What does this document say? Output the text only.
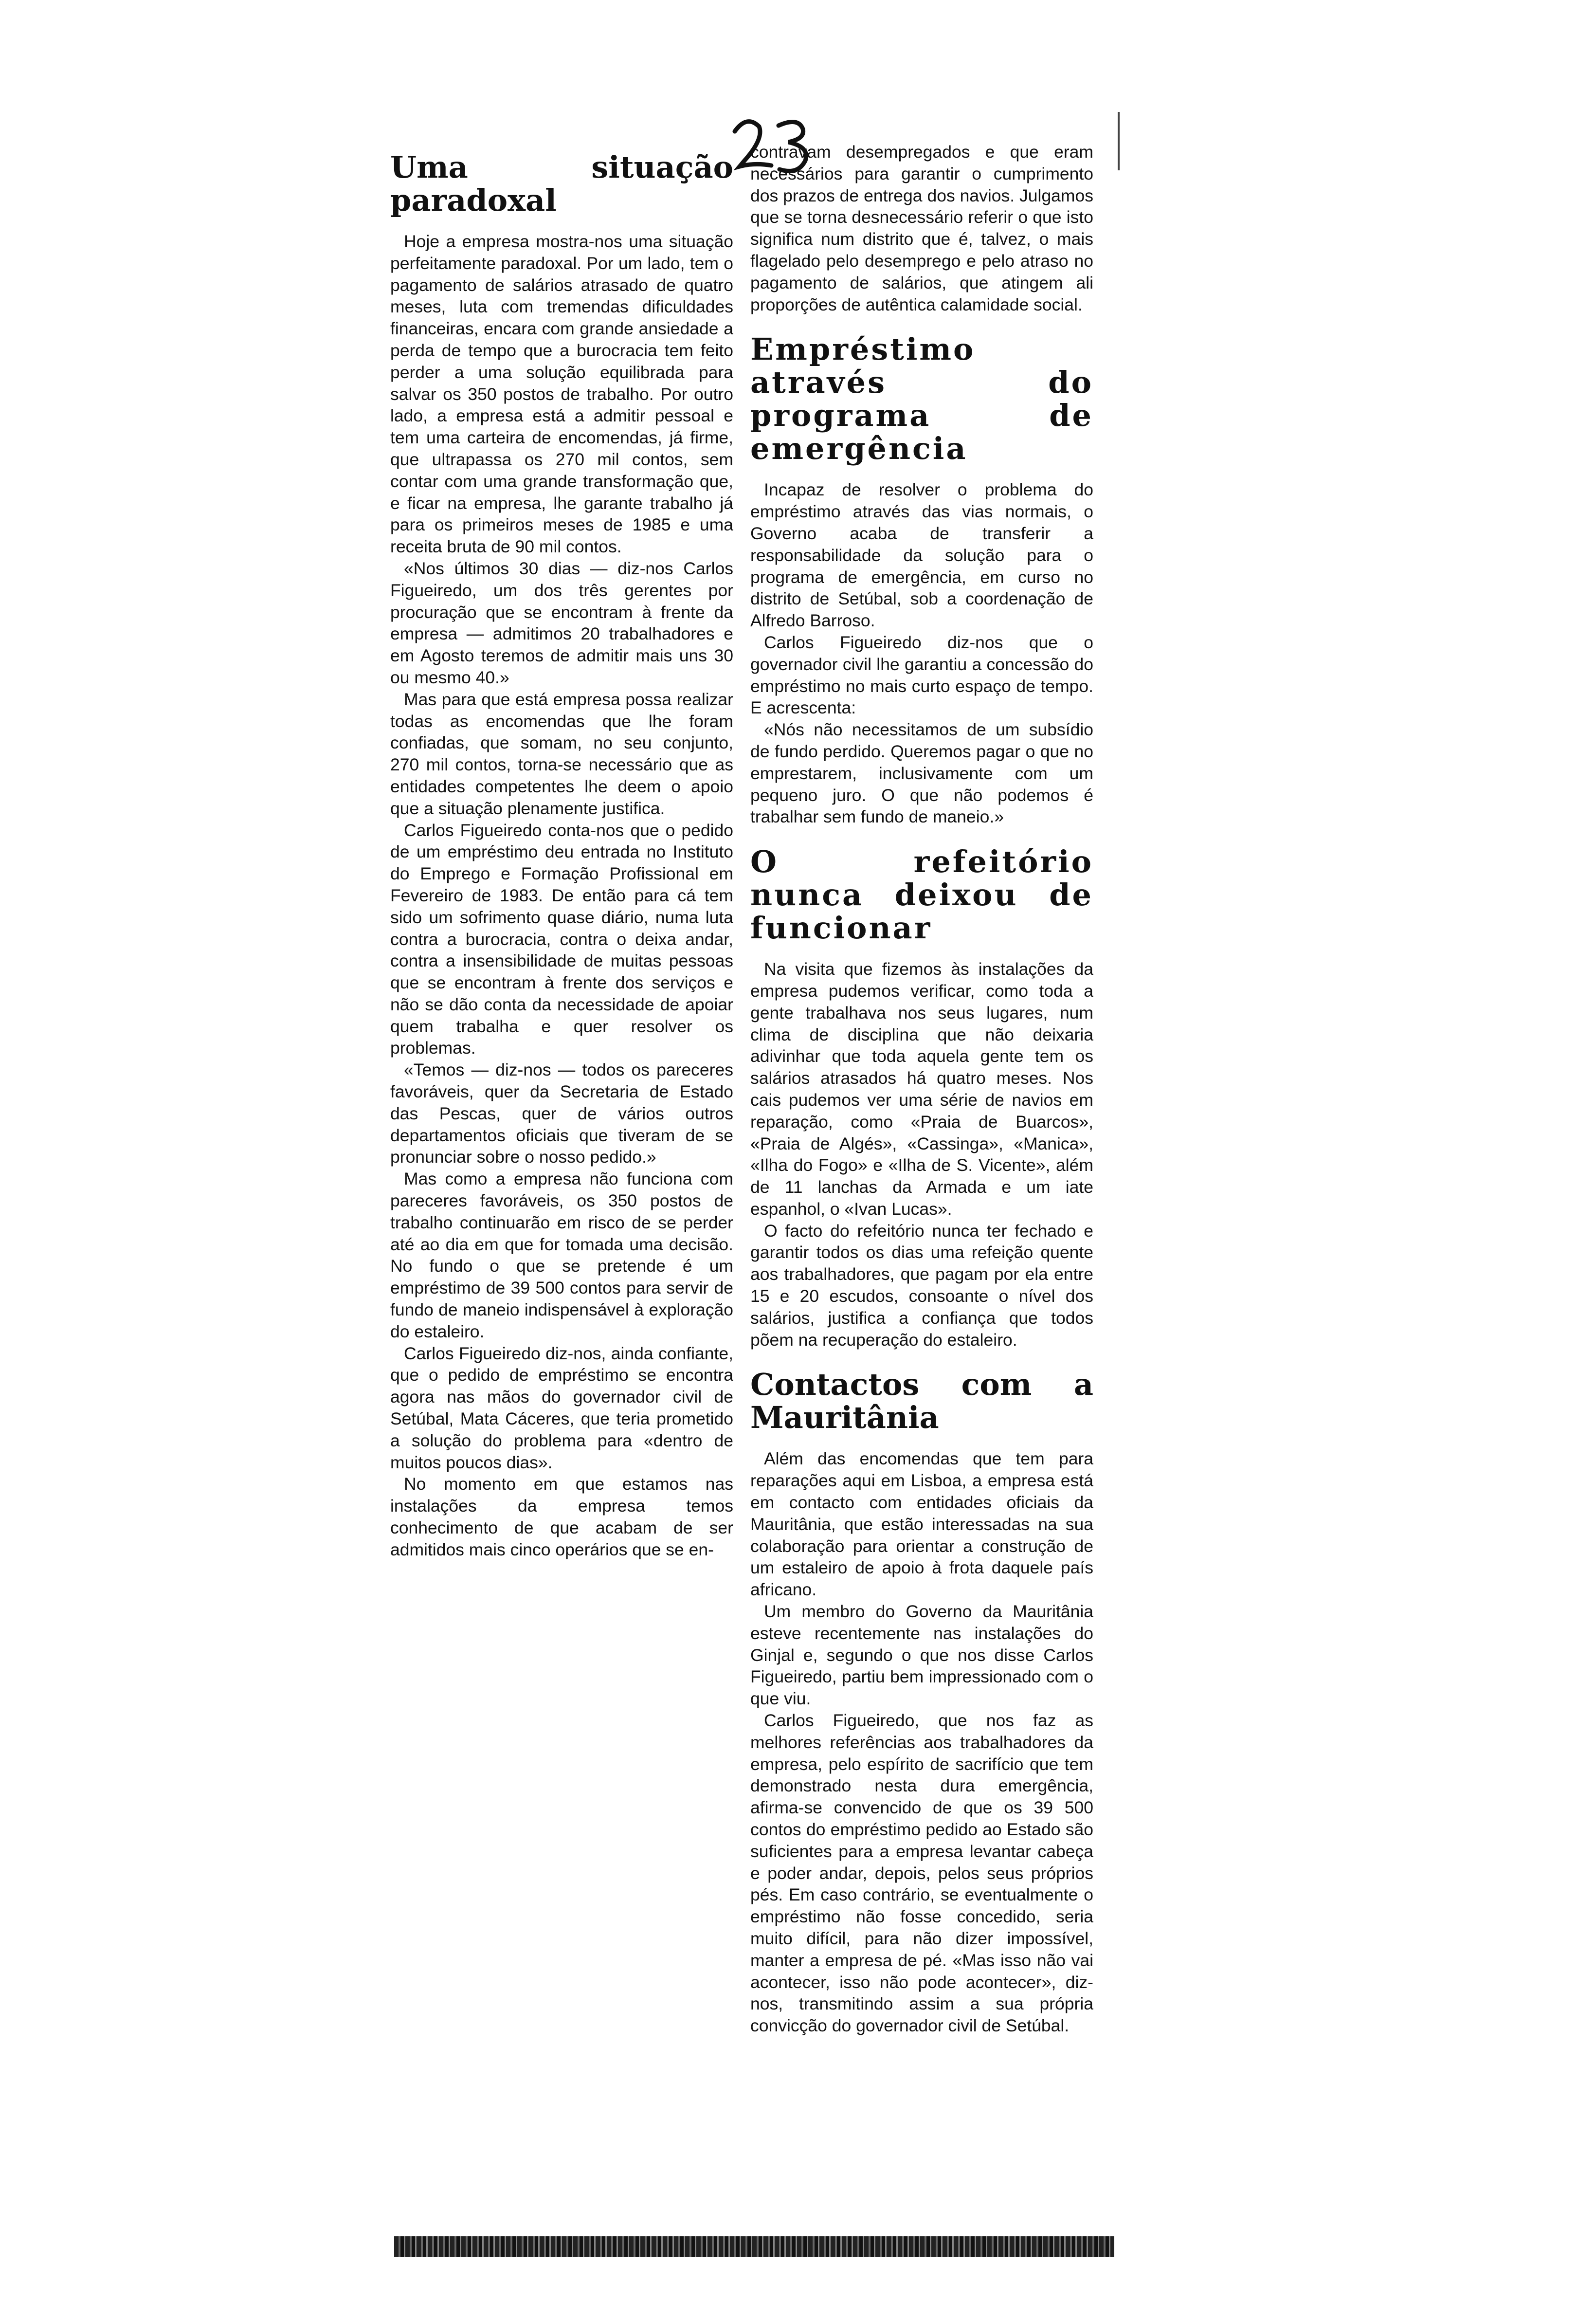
Uma situação paradoxal

Hoje a empresa mostra-nos uma situação perfeitamente paradoxal. Por um lado, tem o pagamento de salários atrasado de quatro meses, luta com tremendas dificuldades financeiras, encara com grande ansiedade a perda de tempo que a burocracia tem feito perder a uma solução equilibrada para salvar os 350 postos de trabalho. Por outro lado, a empresa está a admitir pessoal e tem uma carteira de encomendas, já firme, que ultrapassa os 270 mil contos, sem contar com uma grande transformação que, e ficar na empresa, lhe garante trabalho já para os primeiros meses de 1985 e uma receita bruta de 90 mil contos.

«Nos últimos 30 dias — diz-nos Carlos Figueiredo, um dos três gerentes por procuração que se encontram à frente da empresa — admitimos 20 trabalhadores e em Agosto teremos de admitir mais uns 30 ou mesmo 40.»

Mas para que está empresa possa realizar todas as encomendas que lhe foram confiadas, que somam, no seu conjunto, 270 mil contos, torna-se necessário que as entidades competentes lhe deem o apoio que a situação plenamente justifica.

Carlos Figueiredo conta-nos que o pedido de um empréstimo deu entrada no Instituto do Emprego e Formação Profissional em Fevereiro de 1983. De então para cá tem sido um sofrimento quase diário, numa luta contra a burocracia, contra o deixa andar, contra a insensibilidade de muitas pessoas que se encontram à frente dos serviços e não se dão conta da necessidade de apoiar quem trabalha e quer resolver os problemas.

«Temos — diz-nos — todos os pareceres favoráveis, quer da Secretaria de Estado das Pescas, quer de vários outros departamentos oficiais que tiveram de se pronunciar sobre o nosso pedido.»

Mas como a empresa não funciona com pareceres favoráveis, os 350 postos de trabalho continuarão em risco de se perder até ao dia em que for tomada uma decisão. No fundo o que se pretende é um empréstimo de 39 500 contos para servir de fundo de maneio indispensável à exploração do estaleiro.

Carlos Figueiredo diz-nos, ainda confiante, que o pedido de empréstimo se encontra agora nas mãos do governador civil de Setúbal, Mata Cáceres, que teria prometido a solução do problema para «dentro de muitos poucos dias».

No momento em que estamos nas instalações da empresa temos conhecimento de que acabam de ser admitidos mais cinco operários que se en-

contravam desempregados e que eram necessários para garantir o cumprimento dos prazos de entrega dos navios. Julgamos que se torna desnecessário referir o que isto significa num distrito que é, talvez, o mais flagelado pelo desemprego e pelo atraso no pagamento de salários, que atingem ali proporções de autêntica calamidade social.

Empréstimo através do programa de emergência

Incapaz de resolver o problema do empréstimo através das vias normais, o Governo acaba de transferir a responsabilidade da solução para o programa de emergência, em curso no distrito de Setúbal, sob a coordenação de Alfredo Barroso.

Carlos Figueiredo diz-nos que o governador civil lhe garantiu a concessão do empréstimo no mais curto espaço de tempo. E acrescenta:

«Nós não necessitamos de um subsídio de fundo perdido. Queremos pagar o que no emprestarem, inclusivamente com um pequeno juro. O que não podemos é trabalhar sem fundo de maneio.»

O refeitório nunca deixou de funcionar

Na visita que fizemos às instalações da empresa pudemos verificar, como toda a gente trabalhava nos seus lugares, num clima de disciplina que não deixaria adivinhar que toda aquela gente tem os salários atrasados há quatro meses. Nos cais pudemos ver uma série de navios em reparação, como «Praia de Buarcos», «Praia de Algés», «Cassinga», «Manica», «Ilha do Fogo» e «Ilha de S. Vicente», além de 11 lanchas da Armada e um iate espanhol, o «Ivan Lucas».

O facto do refeitório nunca ter fechado e garantir todos os dias uma refeição quente aos trabalhadores, que pagam por ela entre 15 e 20 escudos, consoante o nível dos salários, justifica a confiança que todos põem na recuperação do estaleiro.

Contactos com a Mauritânia

Além das encomendas que tem para reparações aqui em Lisboa, a empresa está em contacto com entidades oficiais da Mauritânia, que estão interessadas na sua colaboração para orientar a construção de um estaleiro de apoio à frota daquele país africano.

Um membro do Governo da Mauritânia esteve recentemente nas instalações do Ginjal e, segundo o que nos disse Carlos Figueiredo, partiu bem impressionado com o que viu.

Carlos Figueiredo, que nos faz as melhores referências aos trabalhadores da empresa, pelo espírito de sacrifício que tem demonstrado nesta dura emergência, afirma-se convencido de que os 39 500 contos do empréstimo pedido ao Estado são suficientes para a empresa levantar cabeça e poder andar, depois, pelos seus próprios pés. Em caso contrário, se eventualmente o empréstimo não fosse concedido, seria muito difícil, para não dizer impossível, manter a empresa de pé. «Mas isso não vai acontecer, isso não pode acontecer», diz-nos, transmitindo assim a sua própria convicção do governador civil de Setúbal.
